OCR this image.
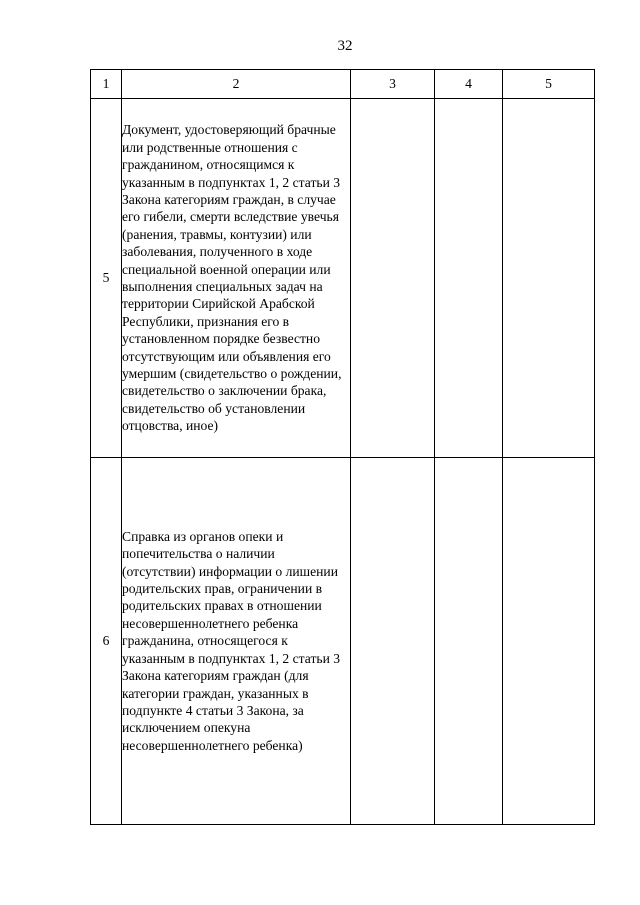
32
1	2	3	4	5
5	Документ, удостоверяющий брачные или родственные отношения с гражданином, относящимся к указанным в подпунктах 1, 2 статьи 3 Закона категориям граждан, в случае его гибели, смерти вследствие увечья (ранения, травмы, контузии) или заболевания, полученного в ходе специальной военной операции или выполнения специальных задач на территории Сирийской Арабской Республики, признания его в установленном порядке безвестно отсутствующим или объявления его умершим (свидетельство о рождении, свидетельство о заключении брака, свидетельство об установлении отцовства, иное)			
6	Справка из органов опеки и попечительства о наличии (отсутствии) информации о лишении родительских прав, ограничении в родительских правах в отношении несовершеннолетнего ребенка гражданина, относящегося к указанным в подпунктах 1, 2 статьи 3 Закона категориям граждан (для категории граждан, указанных в подпункте 4 статьи 3 Закона, за исключением опекуна несовершеннолетнего ребенка)			
